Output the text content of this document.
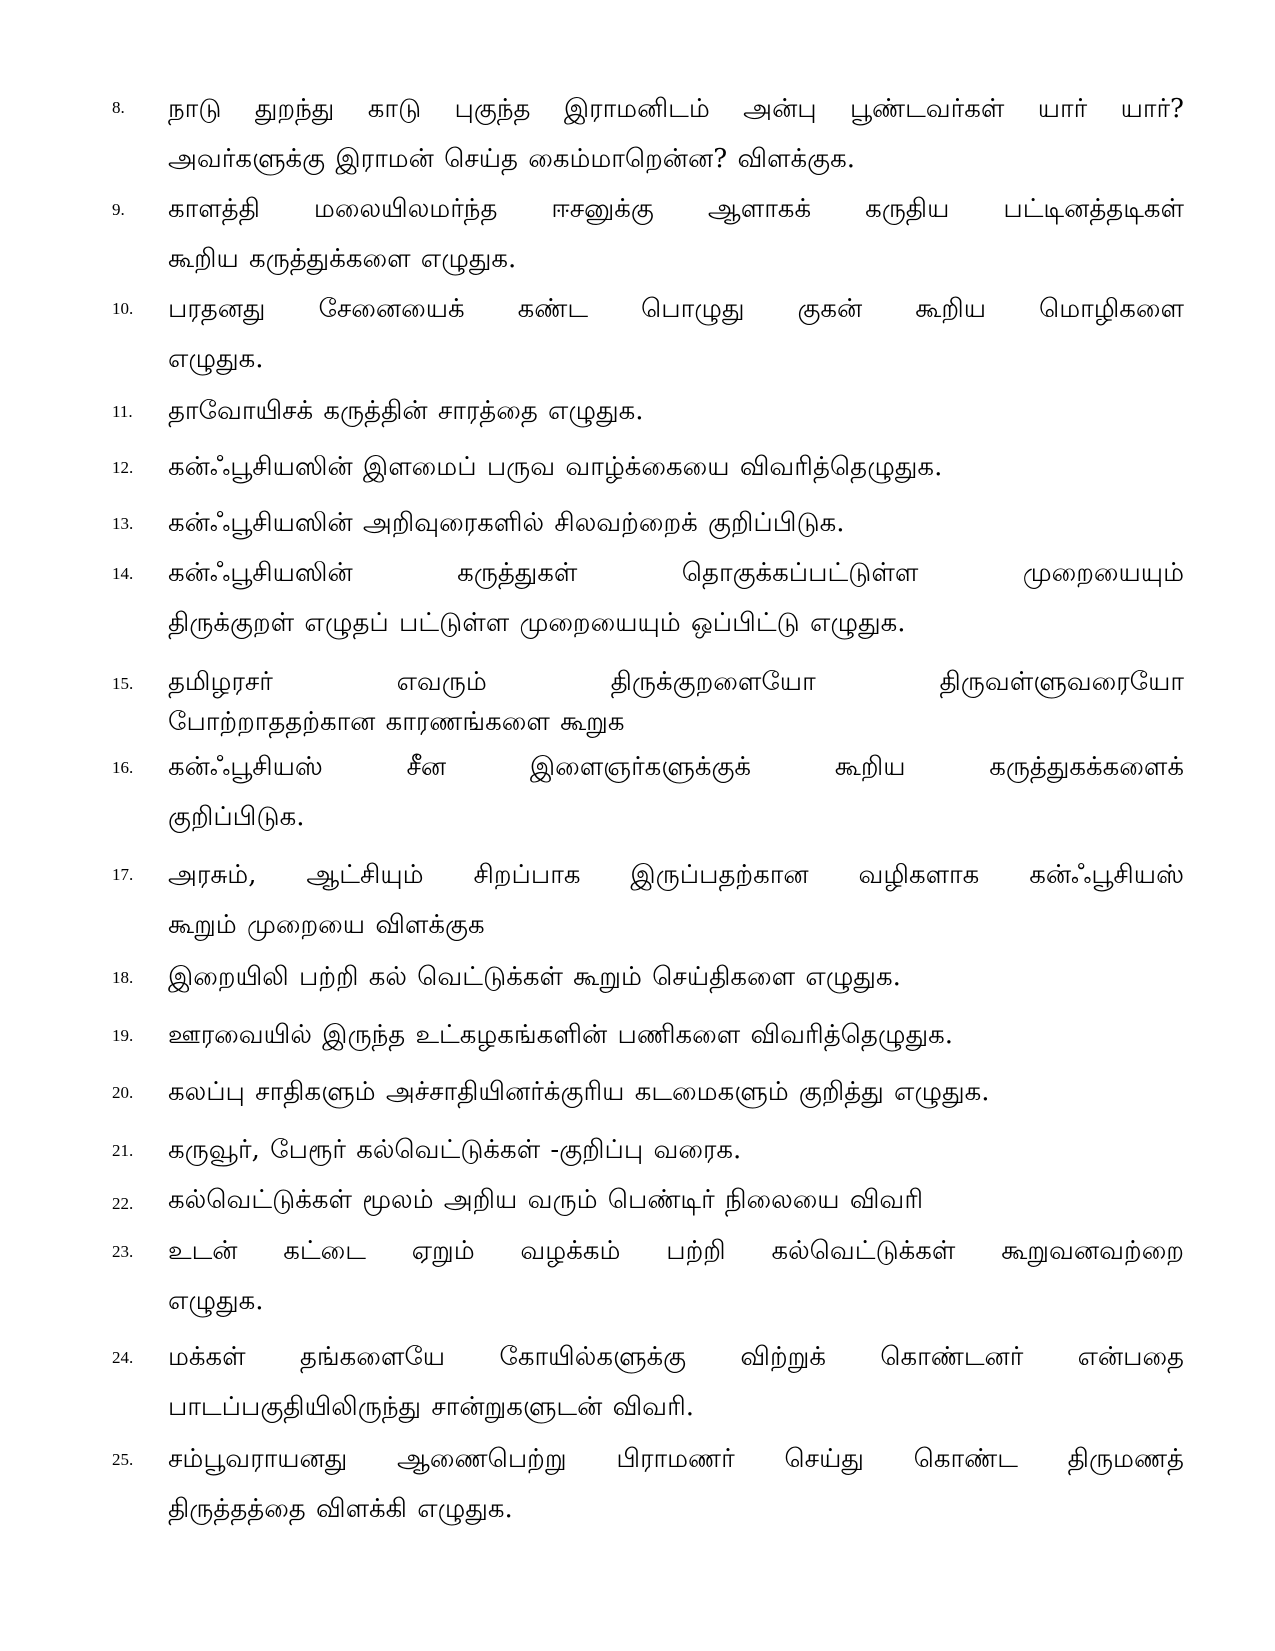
8. நாடு துறந்து காடு புகுந்த இராமனிடம் அன்பு பூண்டவர்கள் யார் யார்?
அவர்களுக்கு இராமன் செய்த கைம்மாறென்ன? விளக்குக.
9. காளத்தி மலையிலமர்ந்த ஈசனுக்கு ஆளாகக் கருதிய பட்டினத்தடிகள்
கூறிய கருத்துக்களை எழுதுக.
10. பரதனது சேனையைக் கண்ட பொழுது குகன் கூறிய மொழிகளை
எழுதுக.
11. தாவோயிசக் கருத்தின் சாரத்தை எழுதுக.
12. கன்ஃபூசியஸின் இளமைப் பருவ வாழ்க்கையை விவரித்தெழுதுக.
13. கன்ஃபூசியஸின் அறிவுரைகளில் சிலவற்றைக் குறிப்பிடுக.
14. கன்ஃபூசியஸின் கருத்துகள் தொகுக்கப்பட்டுள்ள முறையையும்
திருக்குறள் எழுதப் பட்டுள்ள முறையையும் ஒப்பிட்டு எழுதுக.
15. தமிழரசர் எவரும் திருக்குறளையோ திருவள்ளுவரையோ
போற்றாததற்கான காரணங்களை கூறுக
16. கன்ஃபூசியஸ் சீன இளைஞர்களுக்குக் கூறிய கருத்துகக்களைக்
குறிப்பிடுக.
17. அரசும், ஆட்சியும் சிறப்பாக இருப்பதற்கான வழிகளாக கன்ஃபூசியஸ்
கூறும் முறையை விளக்குக
18. இறையிலி பற்றி கல் வெட்டுக்கள் கூறும் செய்திகளை எழுதுக.
19. ஊரவையில் இருந்த உட்கழகங்களின் பணிகளை விவரித்தெழுதுக.
20. கலப்பு சாதிகளும் அச்சாதியினர்க்குரிய கடமைகளும் குறித்து எழுதுக.
21. கருவூர், பேரூர் கல்வெட்டுக்கள் -குறிப்பு வரைக.
22. கல்வெட்டுக்கள் மூலம் அறிய வரும் பெண்டிர் நிலையை விவரி
23. உடன் கட்டை ஏறும் வழக்கம் பற்றி கல்வெட்டுக்கள் கூறுவனவற்றை
எழுதுக.
24. மக்கள் தங்களையே கோயில்களுக்கு விற்றுக் கொண்டனர் என்பதை
பாடப்பகுதியிலிருந்து சான்றுகளுடன் விவரி.
25. சம்பூவராயனது ஆணைபெற்று பிராமணர் செய்து கொண்ட திருமணத்
திருத்தத்தை விளக்கி எழுதுக.
